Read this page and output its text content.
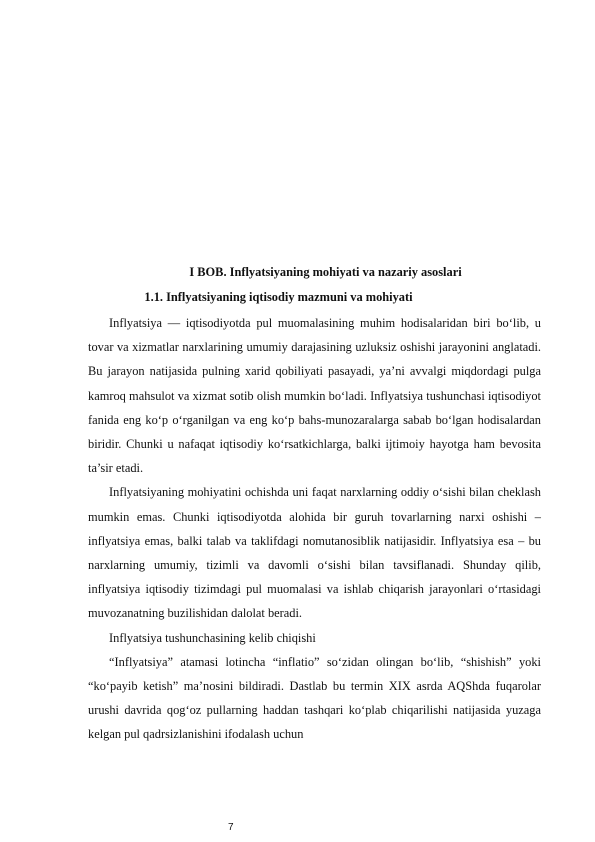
I BOB. Inflyatsiyaning mohiyati va nazariy asoslari
1.1. Inflyatsiyaning iqtisodiy mazmuni va mohiyati

Inflyatsiya — iqtisodiyotda pul muomalasining muhim hodisalaridan biri bo‘lib, u tovar va xizmatlar narxlarining umumiy darajasining uzluksiz oshishi jarayonini anglatadi. Bu jarayon natijasida pulning xarid qobiliyati pasayadi, ya’ni avvalgi miqdordagi pulga kamroq mahsulot va xizmat sotib olish mumkin bo‘ladi. Inflyatsiya tushunchasi iqtisodiyot fanida eng ko‘p o‘rganilgan va eng ko‘p bahs-munozaralarga sabab bo‘lgan hodisalardan biridir. Chunki u nafaqat iqtisodiy ko‘rsatkichlarga, balki ijtimoiy hayotga ham bevosita ta’sir etadi.

Inflyatsiyaning mohiyatini ochishda uni faqat narxlarning oddiy o‘sishi bilan cheklash mumkin emas. Chunki iqtisodiyotda alohida bir guruh tovarlarning narxi oshishi – inflyatsiya emas, balki talab va taklifdagi nomutanosiblik natijasidir. Inflyatsiya esa – bu narxlarning umumiy, tizimli va davomli o‘sishi bilan tavsiflanadi. Shunday qilib, inflyatsiya iqtisodiy tizimdagi pul muomalasi va ishlab chiqarish jarayonlari o‘rtasidagi muvozanatning buzilishidan dalolat beradi.

Inflyatsiya tushunchasining kelib chiqishi

“Inflyatsiya” atamasi lotincha “inflatio” so‘zidan olingan bo‘lib, “shishish” yoki “ko‘payib ketish” ma’nosini bildiradi. Dastlab bu termin XIX asrda AQShda fuqarolar urushi davrida qog‘oz pullarning haddan tashqari ko‘plab chiqarilishi natijasida yuzaga kelgan pul qadrsizlanishini ifodalash uchun

7
